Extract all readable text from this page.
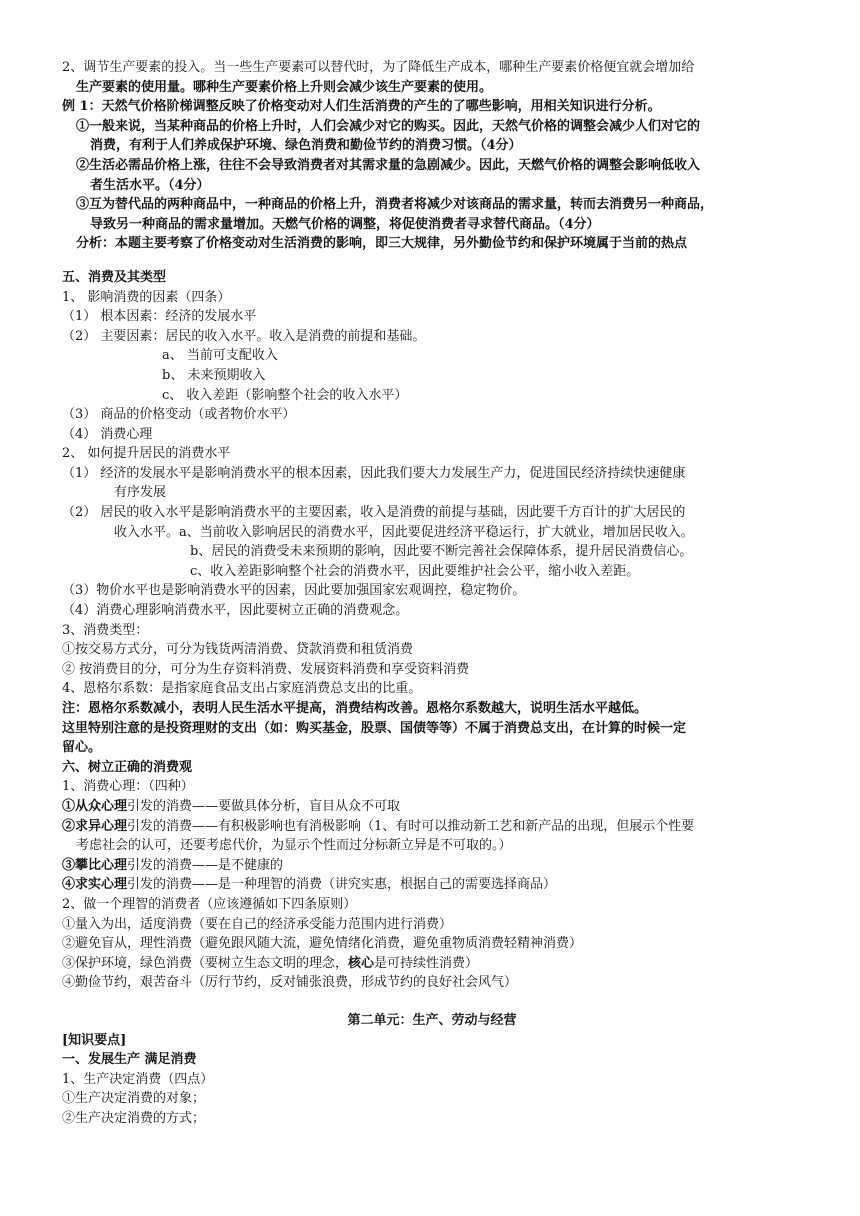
2、调节生产要素的投入。当一些生产要素可以替代时，为了降低生产成本，哪种生产要素价格便宜就会增加给
生产要素的使用量。哪种生产要素价格上升则会减少该生产要素的使用。
例 1：天然气价格阶梯调整反映了价格变动对人们生活消费的产生的了哪些影响，用相关知识进行分析。
①一般来说，当某种商品的价格上升时，人们会减少对它的购买。因此，天然气价格的调整会减少人们对它的
消费，有利于人们养成保护环境、绿色消费和勤俭节约的消费习惯。（4分）
②生活必需品价格上涨，往往不会导致消费者对其需求量的急剧减少。因此，天燃气价格的调整会影响低收入
者生活水平。（4分）
③互为替代品的两种商品中，一种商品的价格上升，消费者将减少对该商品的需求量，转而去消费另一种商品，
导致另一种商品的需求量增加。天燃气价格的调整，将促使消费者寻求替代商品。（4分）
分析：本题主要考察了价格变动对生活消费的影响，即三大规律，另外勤俭节约和保护环境属于当前的热点
五、消费及其类型
1、 影响消费的因素（四条）
（1） 根本因素：经济的发展水平
（2） 主要因素：居民的收入水平。收入是消费的前提和基础。
a、 当前可支配收入
b、 未来预期收入
c、 收入差距（影响整个社会的收入水平）
（3） 商品的价格变动（或者物价水平）
（4） 消费心理
2、 如何提升居民的消费水平
（1） 经济的发展水平是影响消费水平的根本因素，因此我们要大力发展生产力，促进国民经济持续快速健康
有序发展
（2） 居民的收入水平是影响消费水平的主要因素，收入是消费的前提与基础，因此要千方百计的扩大居民的
收入水平。a、当前收入影响居民的消费水平，因此要促进经济平稳运行，扩大就业，增加居民收入。
b、居民的消费受未来预期的影响，因此要不断完善社会保障体系，提升居民消费信心。
c、收入差距影响整个社会的消费水平，因此要维护社会公平，缩小收入差距。
（3）物价水平也是影响消费水平的因素，因此要加强国家宏观调控，稳定物价。
（4）消费心理影响消费水平，因此要树立正确的消费观念。
3、消费类型：
①按交易方式分，可分为钱货两清消费、贷款消费和租赁消费
② 按消费目的分，可分为生存资料消费、发展资料消费和享受资料消费
4、恩格尔系数：是指家庭食品支出占家庭消费总支出的比重。
注：恩格尔系数减小，表明人民生活水平提高，消费结构改善。恩格尔系数越大，说明生活水平越低。
这里特别注意的是投资理财的支出（如：购买基金，股票、国债等等）不属于消费总支出，在计算的时候一定
留心。
六、树立正确的消费观
1、消费心理：（四种）
①从众心理引发的消费——要做具体分析，盲目从众不可取
②求异心理引发的消费——有积极影响也有消极影响（1、有时可以推动新工艺和新产品的出现，但展示个性要
考虑社会的认可，还要考虑代价，为显示个性而过分标新立异是不可取的。）
③攀比心理引发的消费——是不健康的
④求实心理引发的消费——是一种理智的消费（讲究实惠，根据自己的需要选择商品）
2、做一个理智的消费者（应该遵循如下四条原则）
①量入为出，适度消费（要在自己的经济承受能力范围内进行消费）
②避免盲从，理性消费（避免跟风随大流，避免情绪化消费，避免重物质消费轻精神消费）
③保护环境，绿色消费（要树立生态文明的理念，核心是可持续性消费）
④勤俭节约，艰苦奋斗（厉行节约，反对铺张浪费，形成节约的良好社会风气）
第二单元：生产、劳动与经营
[知识要点]
一、发展生产 满足消费
1、生产决定消费（四点）
①生产决定消费的对象；
②生产决定消费的方式；
